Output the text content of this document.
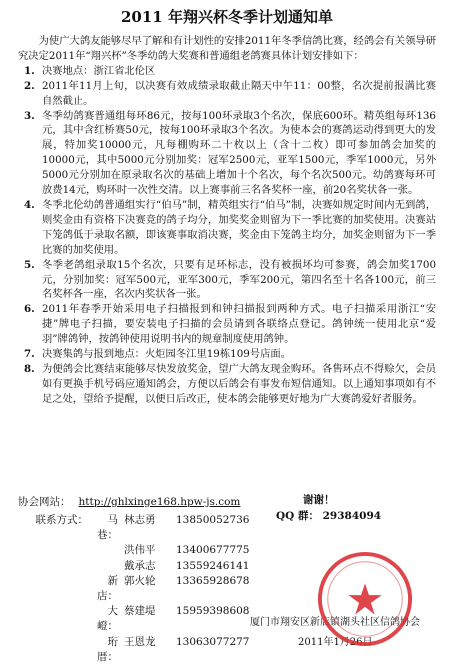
2011 年翔兴杯冬季计划通知单

为使广大鸽友能够尽早了解和有计划性的安排2011年冬季信鸽比赛，经鸽会有关领导研究决定2011年“翔兴杯”冬季幼鸽大奖赛和普通组老鸽赛具体计划安排如下：

1. 决赛地点：浙江省北伦区
2. 2011年11月上旬，以决赛有效成绩录取截止隔天中午11：00整，名次提前报满比赛自然截止。
3. 冬季幼鸽赛普通组每环86元，按每100环录取3个名次，保底600环。精英组每环136元，其中含红桥赛50元，按每100环录取3个名次。为使本会的赛鸽运动得到更大的发展，特加奖10000元，凡每棚购环二十枚以上（含十二枚）即可参加鸽会加奖的10000元，其中5000元分别加奖：冠军2500元，亚军1500元，季军1000元，另外5000元分别加在原录取名次的基础上增加十个名次，每个名次500元。幼鸽赛每环可放费14元，购环时一次性交清。以上赛事前三名各奖杯一座，前20名奖状各一张。
4. 冬季北伦幼鸽普通组实行“伯马”制，精英组实行“伯马”制，决赛如规定时间内无到鸽，则奖金由有资格下决赛竞的鸽子均分，加奖奖金则留为下一季比赛的加奖使用。决赛站下笼鸽低于录取名额，即该赛事取消决赛，奖金由下笼鸽主均分，加奖金则留为下一季比赛的加奖使用。
5. 冬季老鸽组录取15个名次，只要有足环标志，没有被损坏均可参赛，鸽会加奖1700元，分别加奖：冠军500元，亚军300元，季军200元，第四名至十名各100元，前三名奖杯各一座，名次内奖状各一张。
6. 2011年春季开始采用电子扫描报到和钟扫描报到两种方式。电子扫描采用浙江“安捷”牌电子扫描，要安装电子扫描的会员请到各联络点登记。鸽钟统一使用北京“爱羽”牌鸽钟，按鸽钟使用说明书内的规章制度使用鸽钟。
7. 决赛集鸽与报到地点：火炬园冬江里19栋109号店面。
8. 为便鸽会比赛结束能够尽快发放奖金，望广大鸽友现金购环。各售环点不得赊欠，会员如有更换手机号码应通知鸽会，方便以后鸽会有事发布短信通知。以上通知事项如有不足之处，望给予提醒，以便日后改正，使本鸽会能够更好地为广大赛鸽爱好者服务。
协会网站： http://ghlxinge168.hpw-js.com	谢谢！
QQ 群： 29384094
联系方式：	马巷：
林志勇	13850052736
洪伟平	13400677775
戴承志	13559246141
新店：
郭火轮	13365928678
大嶝：
蔡建堤	15959398608
珩厝：
王恩龙	13063077277
厦门市翔安区新店镇湖头社区信鸽协会
2011年1月26日
